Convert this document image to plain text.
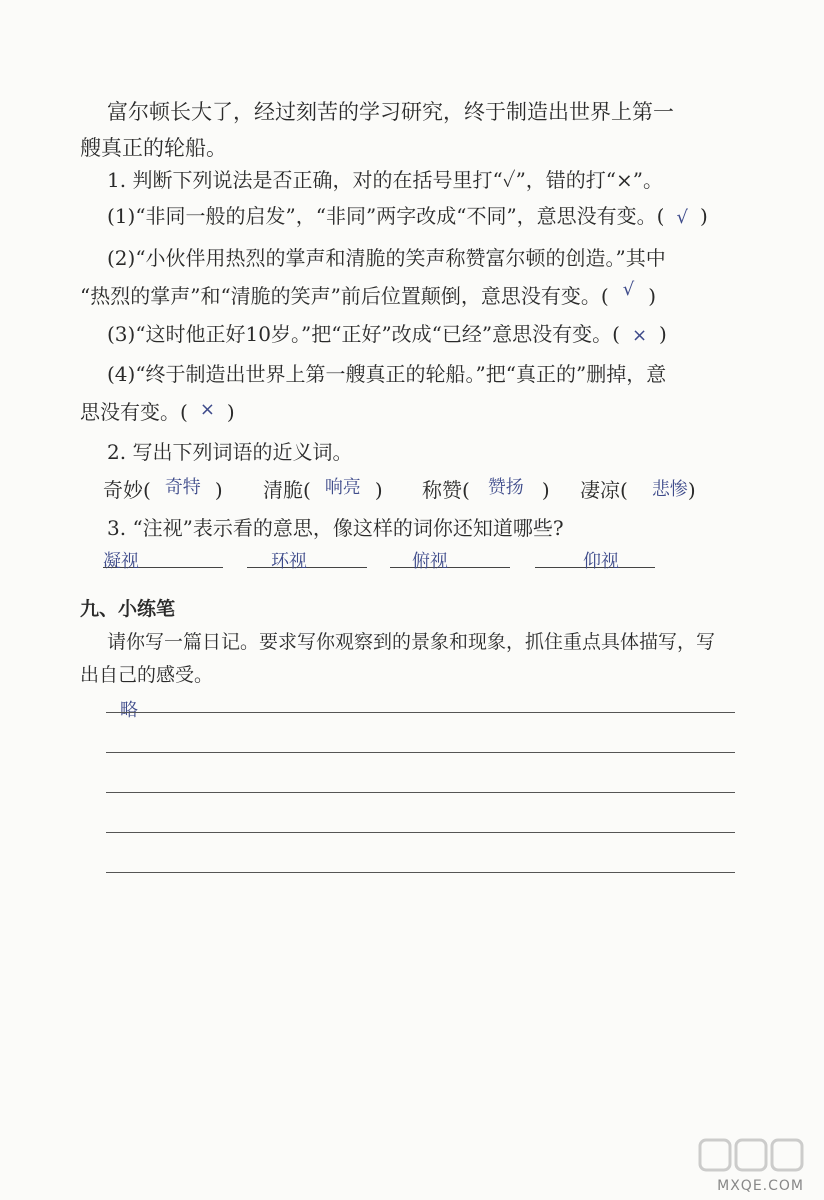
富尔顿长大了，经过刻苦的学习研究，终于制造出世界上第一
艘真正的轮船。
1. 判断下列说法是否正确，对的在括号里打“✓”，错的打“×”。
(1)“非同一般的启发”，“非同”两字改成“不同”，意思没有变。( √ )
(2)“小伙伴用热烈的掌声和清脆的笑声称赞富尔顿的创造。”其中
“热烈的掌声”和“清脆的笑声”前后位置颠倒，意思没有变。( √ )
(3)“这时他正好10岁。”把“正好”改成“已经”意思没有变。( × )
(4)“终于制造出世界上第一艘真正的轮船。”把“真正的”删掉，意
思没有变。( × )
2. 写出下列词语的近义词。
奇妙( 奇特 ) 清脆( 响亮 ) 称赞( 赞扬 ) 凄凉( 悲惨)
3. “注视”表示看的意思，像这样的词你还知道哪些?
凝视	环视	俯视	仰视
九、小练笔
请你写一篇日记。要求写你观察到的景象和现象，抓住重点具体描写，写
出自己的感受。
略
MXQE.COM
